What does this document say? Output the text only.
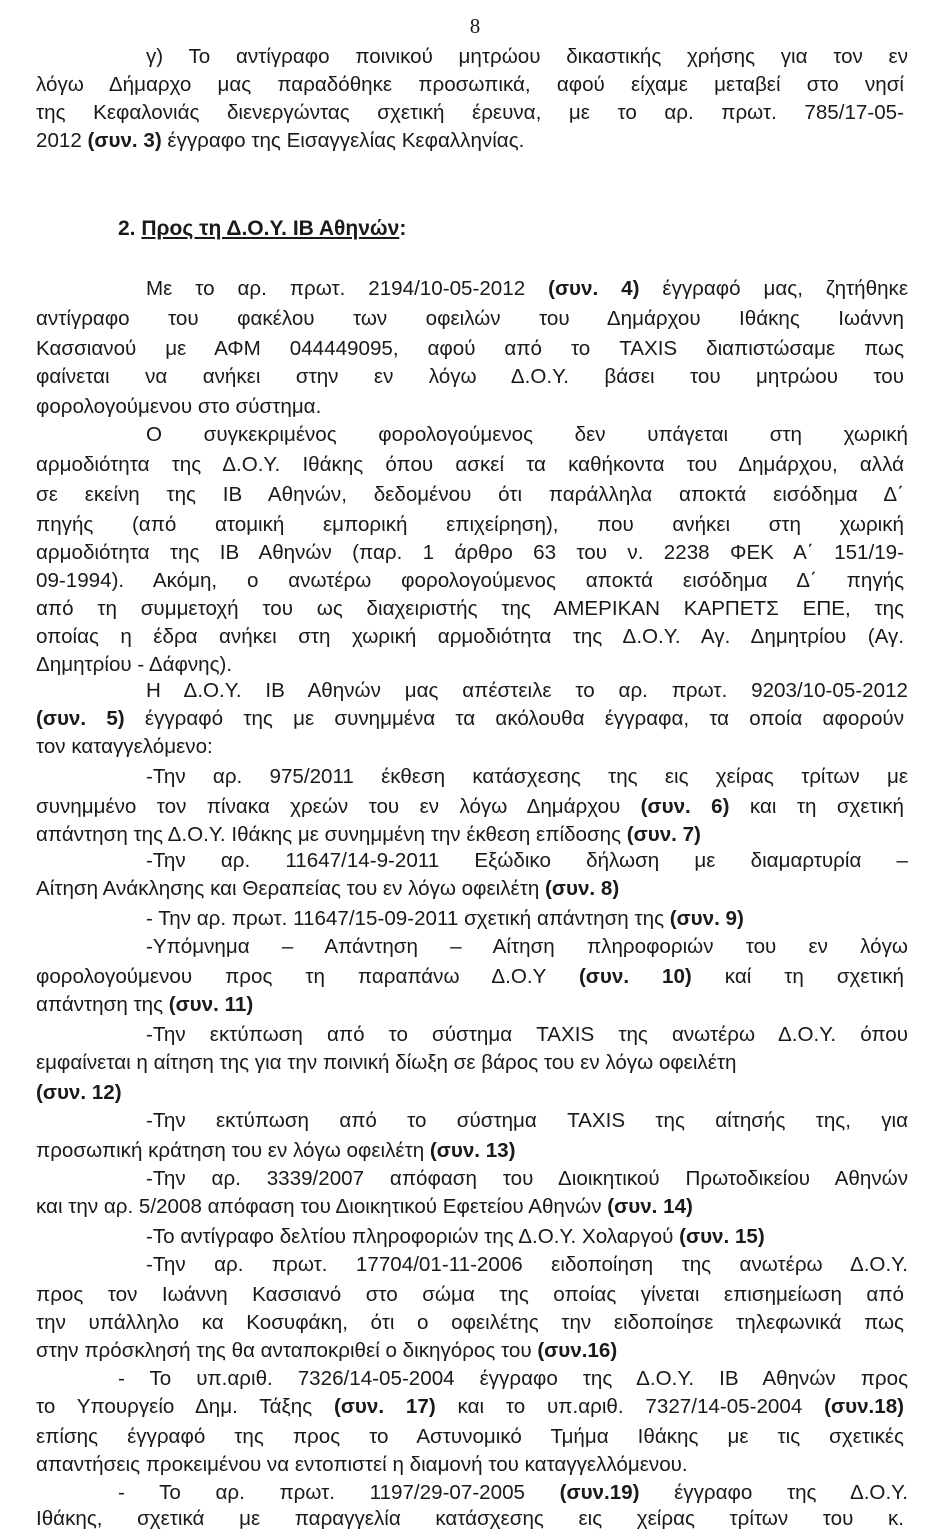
8

γ) Το αντίγραφο ποινικού μητρώου δικαστικής χρήσης για τον εν

λόγω Δήμαρχο μας παραδόθηκε προσωπικά, αφού είχαμε μεταβεί στο νησί

της Κεφαλονιάς διενεργώντας σχετική έρευνα, με το αρ. πρωτ. 785/17-05-

2012 (συν. 3) έγγραφο της Εισαγγελίας Κεφαλληνίας.

2. Προς τη Δ.Ο.Υ. ΙΒ Αθηνών:

Με το αρ. πρωτ. 2194/10-05-2012 (συν. 4) έγγραφό μας, ζητήθηκε

αντίγραφο του φακέλου των οφειλών του Δημάρχου Ιθάκης Ιωάννη

Κασσιανού με ΑΦΜ 044449095, αφού από το TAXIS διαπιστώσαμε πως

φαίνεται να ανήκει στην εν λόγω Δ.Ο.Υ. βάσει του μητρώου του

φορολογούμενου στο σύστημα.

Ο συγκεκριμένος φορολογούμενος δεν υπάγεται στη χωρική

αρμοδιότητα της Δ.Ο.Υ. Ιθάκης όπου ασκεί τα καθήκοντα του Δημάρχου, αλλά

σε εκείνη της ΙΒ Αθηνών, δεδομένου ότι παράλληλα αποκτά εισόδημα Δ΄

πηγής (από ατομική εμπορική επιχείρηση), που ανήκει στη χωρική

αρμοδιότητα της ΙΒ Αθηνών (παρ. 1 άρθρο 63 του ν. 2238 ΦΕΚ Α΄ 151/19-

09-1994). Ακόμη, ο ανωτέρω φορολογούμενος αποκτά εισόδημα Δ΄ πηγής

από τη συμμετοχή του ως διαχειριστής της ΑΜΕΡΙΚΑΝ ΚΑΡΠΕΤΣ ΕΠΕ, της

οποίας η έδρα ανήκει στη χωρική αρμοδιότητα της Δ.Ο.Υ. Αγ. Δημητρίου (Αγ.

Δημητρίου - Δάφνης).

Η Δ.Ο.Υ. ΙΒ Αθηνών μας απέστειλε το αρ. πρωτ. 9203/10-05-2012

(συν. 5) έγγραφό της με συνημμένα τα ακόλουθα έγγραφα, τα οποία αφορούν

τον καταγγελόμενο:

-Την αρ. 975/2011 έκθεση κατάσχεσης της εις χείρας τρίτων με

συνημμένο τον πίνακα χρεών του εν λόγω Δημάρχου (συν. 6) και τη σχετική

απάντηση της Δ.Ο.Υ. Ιθάκης με συνημμένη την έκθεση επίδοσης (συν. 7)

-Την αρ. 11647/14-9-2011 Εξώδικο δήλωση με διαμαρτυρία –

Αίτηση Ανάκλησης και Θεραπείας του εν λόγω οφειλέτη (συν. 8)

- Την αρ. πρωτ. 11647/15-09-2011 σχετική απάντηση της (συν. 9)

-Υπόμνημα – Απάντηση – Αίτηση πληροφοριών του εν λόγω

φορολογούμενου προς τη παραπάνω Δ.Ο.Υ (συν. 10) καί τη σχετική

απάντηση της (συν. 11)

-Την εκτύπωση από το σύστημα TAXIS της ανωτέρω Δ.Ο.Υ. όπου

εμφαίνεται η αίτηση της για την ποινική δίωξη σε βάρος του εν λόγω οφειλέτη

(συν. 12)

-Την εκτύπωση από το σύστημα TAXIS της αίτησής της, για

προσωπική κράτηση του εν λόγω οφειλέτη (συν. 13)

-Την αρ. 3339/2007 απόφαση του Διοικητικού Πρωτοδικείου Αθηνών

και την αρ. 5/2008 απόφαση του Διοικητικού Εφετείου Αθηνών (συν. 14)

-Το αντίγραφο δελτίου πληροφοριών της Δ.Ο.Υ. Χολαργού (συν. 15)

-Την αρ. πρωτ. 17704/01-11-2006 ειδοποίηση της ανωτέρω Δ.Ο.Υ.

προς τον Ιωάννη Κασσιανό στο σώμα της οποίας γίνεται επισημείωση από

την υπάλληλο κα Κοσυφάκη, ότι ο οφειλέτης την ειδοποίησε τηλεφωνικά πως

στην πρόσκλησή της θα ανταποκριθεί ο δικηγόρος του (συν.16)

- Το υπ.αριθ. 7326/14-05-2004 έγγραφο της Δ.Ο.Υ. ΙΒ Αθηνών προς

το Υπουργείο Δημ. Τάξης (συν. 17) και το υπ.αριθ. 7327/14-05-2004 (συν.18)

επίσης έγγραφό της προς το Αστυνομικό Τμήμα Ιθάκης με τις σχετικές

απαντήσεις προκειμένου να εντοπιστεί η διαμονή του καταγγελλόμενου.

- Το αρ. πρωτ. 1197/29-07-2005 (συν.19) έγγραφο της Δ.Ο.Υ.

Ιθάκης, σχετικά με παραγγελία κατάσχεσης εις χείρας τρίτων του κ.
